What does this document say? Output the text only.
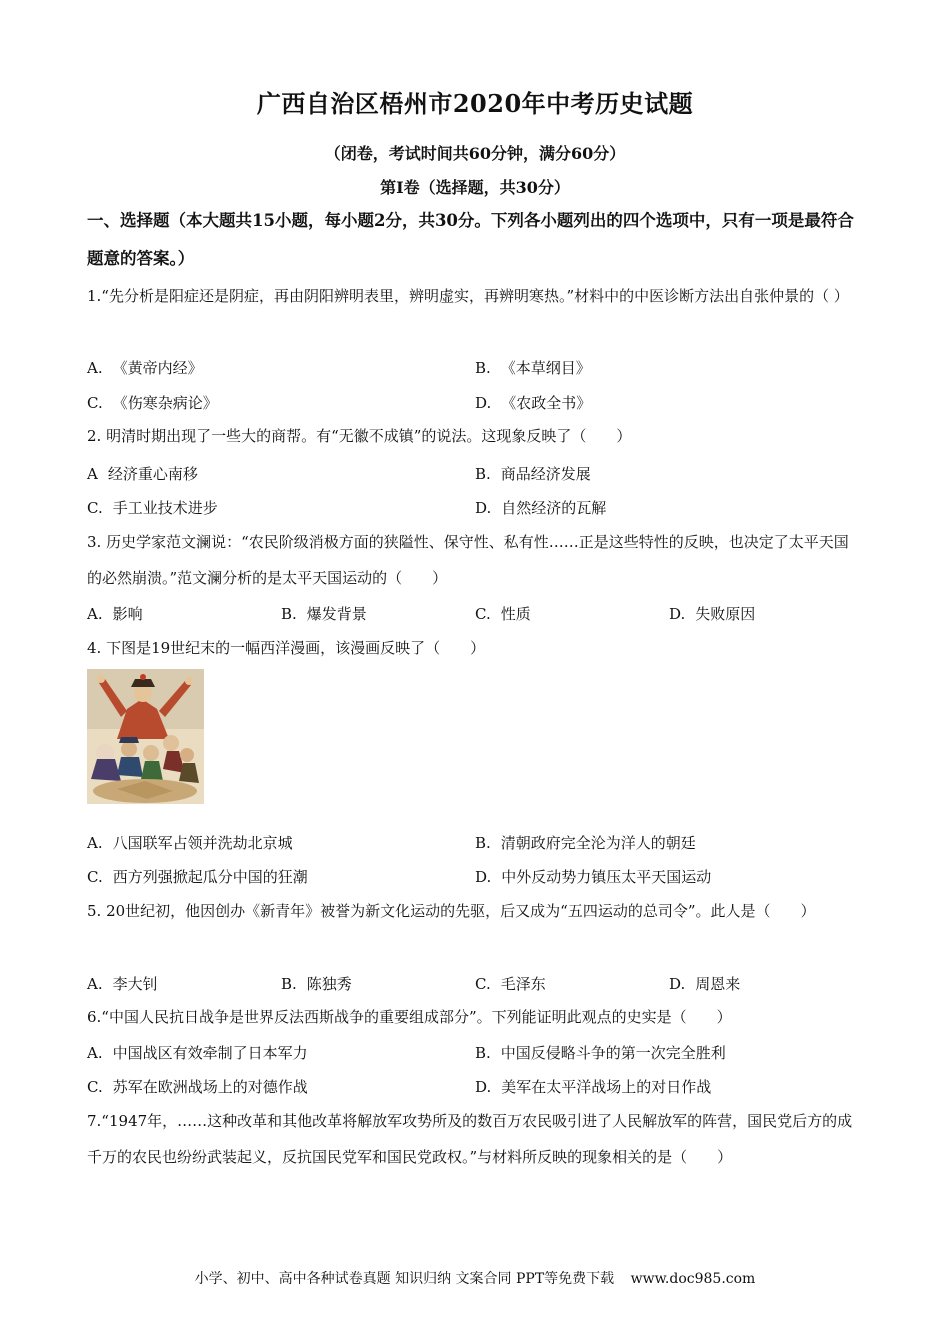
广西自治区梧州市2020年中考历史试题
（闭卷，考试时间共60分钟，满分60分）
第Ⅰ卷（选择题，共30分）

一、选择题（本大题共15小题，每小题2分，共30分。下列各小题列出的四个选项中，只有一项是最符合题意的答案。）

1.“先分析是阳症还是阴症，再由阴阳辨明表里，辨明虚实，再辨明寒热。”材料中的中医诊断方法出自张仲景的（ ）

A. 《黄帝内经》	B. 《本草纲目》
C. 《伤寒杂病论》	D. 《农政全书》

2. 明清时期出现了一些大的商帮。有“无徽不成镇”的说法。这现象反映了（　　）

A 经济重心南移	B. 商品经济发展
C. 手工业技术进步	D. 自然经济的瓦解

3. 历史学家范文澜说：“农民阶级消极方面的狭隘性、保守性、私有性……正是这些特性的反映，也决定了太平天国的必然崩溃。”范文澜分析的是太平天国运动的（　　）

A. 影响	B. 爆发背景	C. 性质	D. 失败原因

4. 下图是19世纪末的一幅西洋漫画，该漫画反映了（　　）

A. 八国联军占领并洗劫北京城	B. 清朝政府完全沦为洋人的朝廷
C. 西方列强掀起瓜分中国的狂潮	D. 中外反动势力镇压太平天国运动

5. 20世纪初，他因创办《新青年》被誉为新文化运动的先驱，后又成为“五四运动的总司令”。此人是（　　）

A. 李大钊	B. 陈独秀	C. 毛泽东	D. 周恩来

6.“中国人民抗日战争是世界反法西斯战争的重要组成部分”。下列能证明此观点的史实是（　　）

A. 中国战区有效牵制了日本军力	B. 中国反侵略斗争的第一次完全胜利
C. 苏军在欧洲战场上的对德作战	D. 美军在太平洋战场上的对日作战

7.“1947年，……这种改革和其他改革将解放军攻势所及的数百万农民吸引进了人民解放军的阵营，国民党后方的成千万的农民也纷纷武装起义，反抗国民党军和国民党政权。”与材料所反映的现象相关的是（　　）

小学、初中、高中各种试卷真题 知识归纳 文案合同 PPT等免费下载 www.doc985.com
